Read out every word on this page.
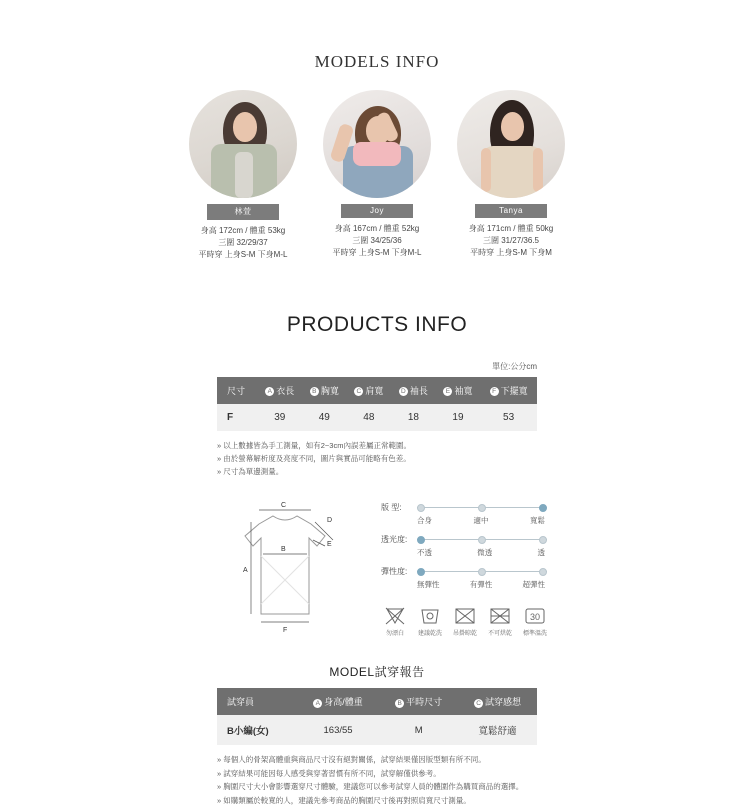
MODELS INFO
林萱
身高 172cm / 體重 53kg
三圍 32/29/37
平時穿 上身S-M 下身M-L
Joy
身高 167cm / 體重 52kg
三圍 34/25/36
平時穿 上身S-M 下身M-L
Tanya
身高 171cm / 體重 50kg
三圍 31/27/36.5
平時穿 上身S-M 下身M
PRODUCTS INFO
單位:公分cm
尺寸	A 衣長	B 胸寬	C 肩寬	D 袖長	E 袖寬	F 下擺寬
F	39	49	48	18	19	53
» 以上數據皆為手工測量，如有2~3cm內誤差屬正常範圍。
» 由於螢幕解析度及亮度不同，圖片與實品可能略有色差。
» 尺寸為單邊測量。
C
D
B
A
E
F
版 型:
合身	適中	寬鬆
透光度:
不透	微透	透
彈性度:
無彈性	有彈性	超彈性
勿漂白	建議乾洗	吊掛晾乾	不可烘乾
30
標準溫洗
MODEL試穿報告
試穿員	A 身高/體重	B 平時尺寸	C 試穿感想
B小編(女)	163/55	M	寬鬆舒適
» 每個人的骨架高體重與商品尺寸沒有絕對關係，試穿結果僅因版型類有所不同。
» 試穿結果可能因每人感受與穿著習慣有所不同，試穿解僅供參考。
» 胸圍尺寸大小會影響選穿尺寸體驗，建議您可以參考試穿人員的體圍作為購買商品的選擇。
» 如購類屬於較寬的人，建議先參考商品的胸圍尺寸後再對照肩寬尺寸測量。
